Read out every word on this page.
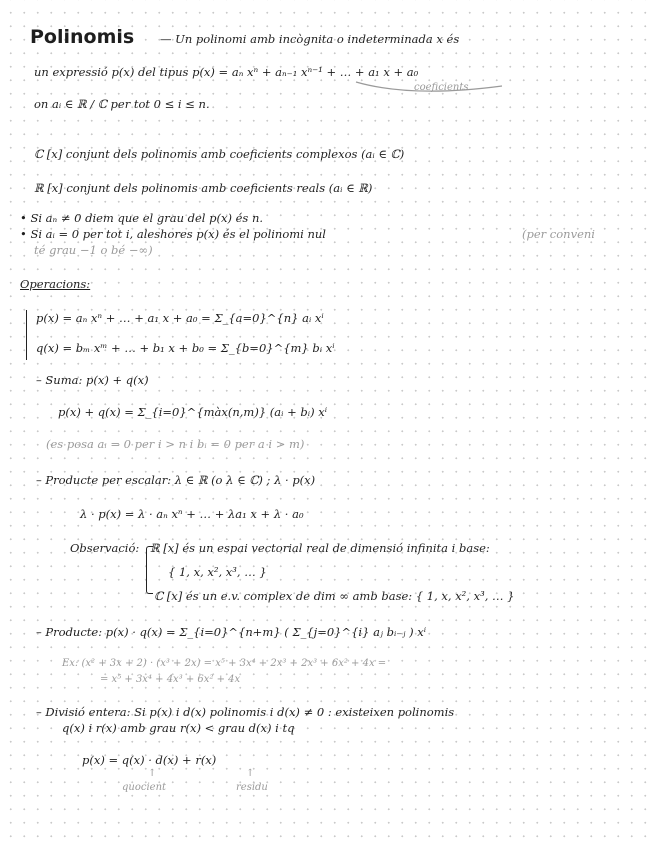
Polinomis — Un polinomi amb incògnita o indeterminada x és
un expressió p(x) del tipus p(x) = aₙ xⁿ + aₙ₋₁ xⁿ⁻¹ + … + a₁ x + a₀
coeficients
on aᵢ ∈ ℝ / ℂ per tot 0 ≤ i ≤ n.
ℂ [x] conjunt dels polinomis amb coeficients complexos (aᵢ ∈ ℂ)
ℝ [x] conjunt dels polinomis amb coeficients reals (aᵢ ∈ ℝ)
• Si aₙ ≠ 0 diem que el grau del p(x) és n.
• Si aᵢ = 0 per tot i, aleshores p(x) és el polinomi nul	(per conveni
té grau −1 o bé −∞)
Operacions:
p(x) = aₙ xⁿ + … + a₁ x + a₀ = Σ_{a=0}^{n} aᵢ xⁱ
q(x) = bₘ xᵐ + … + b₁ x + b₀ = Σ_{b=0}^{m} bᵢ xⁱ
– Suma: p(x) + q(x)
p(x) + q(x) = Σ_{i=0}^{màx(n,m)} (aᵢ + bᵢ) xⁱ
(es posa aᵢ = 0 per i > n i bᵢ = 0 per a i > m)
– Producte per escalar: λ ∈ ℝ (o λ ∈ ℂ) ; λ · p(x)
λ · p(x) = λ · aₙ xⁿ + … + λa₁ x + λ · a₀
Observació: ℝ [x] és un espai vectorial real de dimensió infinita i base:
{ 1, x, x², x³, … }
ℂ [x] és un e.v. complex de dim ∞ amb base: { 1, x, x², x³, … }
– Producte: p(x) · q(x) = Σ_{i=0}^{n+m} ( Σ_{j=0}^{i} aⱼ bᵢ₋ⱼ ) xⁱ
Ex: (x² + 3x + 2) · (x³ + 2x) = x⁵ + 3x⁴ + 2x³ + 2x³ + 6x² + 4x =
= x⁵ + 3x⁴ + 4x³ + 6x² + 4x
– Divisió entera: Si p(x) i d(x) polinomis i d(x) ≠ 0 : existeixen polinomis
q(x) i r(x) amb grau r(x) < grau d(x) i tq
p(x) = q(x) · d(x) + r(x)
↑	↑
quocient	residu
